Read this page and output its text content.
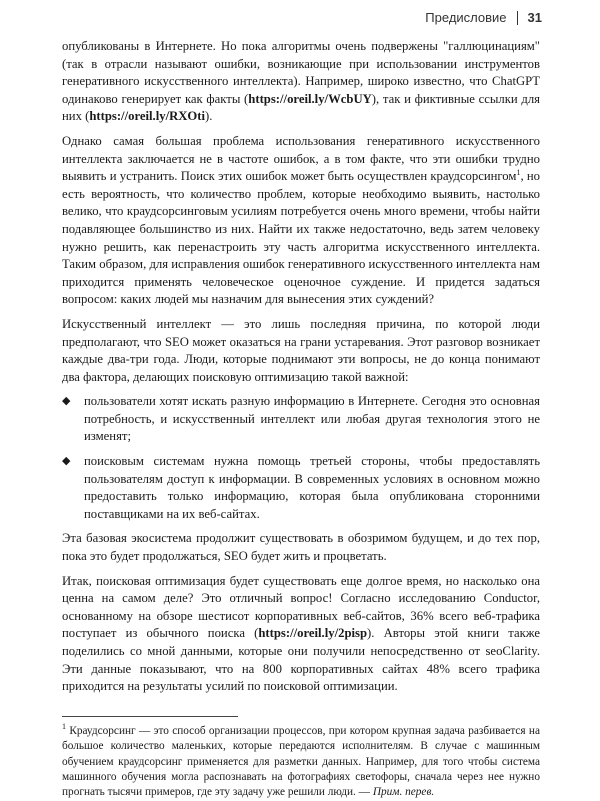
Предисловие 31

опубликованы в Интернете. Но пока алгоритмы очень подвержены "галлюцинациям" (так в отрасли называют ошибки, возникающие при использовании инструментов генеративного искусственного интеллекта). Например, широко известно, что ChatGPT одинаково генерирует как факты (https://oreil.ly/WcbUY), так и фиктивные ссылки для них (https://oreil.ly/RXOti).

Однако самая большая проблема использования генеративного искусственного интеллекта заключается не в частоте ошибок, а в том факте, что эти ошибки трудно выявить и устранить. Поиск этих ошибок может быть осуществлен краудсорсингом$^1$, но есть вероятность, что количество проблем, которые необходимо выявить, настолько велико, что краудсорсинговым усилиям потребуется очень много времени, чтобы найти подавляющее большинство из них. Найти их также недостаточно, ведь затем человеку нужно решить, как перенастроить эту часть алгоритма искусственного интеллекта. Таким образом, для исправления ошибок генеративного искусственного интеллекта нам приходится применять человеческое оценочное суждение. И придется задаться вопросом: каких людей мы назначим для вынесения этих суждений?

Искусственный интеллект — это лишь последняя причина, по которой люди предполагают, что SEO может оказаться на грани устаревания. Этот разговор возникает каждые два-три года. Люди, которые поднимают эти вопросы, не до конца понимают два фактора, делающих поисковую оптимизацию такой важной:

◆	пользователи хотят искать разную информацию в Интернете. Сегодня это основная потребность, и искусственный интеллект или любая другая технология этого не изменят;
◆	поисковым системам нужна помощь третьей стороны, чтобы предоставлять пользователям доступ к информации. В современных условиях в основном можно предоставить только информацию, которая была опубликована сторонними поставщиками на их веб-сайтах.

Эта базовая экосистема продолжит существовать в обозримом будущем, и до тех пор, пока это будет продолжаться, SEO будет жить и процветать.

Итак, поисковая оптимизация будет существовать еще долгое время, но насколько она ценна на самом деле? Это отличный вопрос! Согласно исследованию Conductor, основанному на обзоре шестисот корпоративных веб-сайтов, 36% всего веб-трафика поступает из обычного поиска (https://oreil.ly/2pisp). Авторы этой книги также поделились со мной данными, которые они получили непосредственно от seoClarity. Эти данные показывают, что на 800 корпоративных сайтах 48% всего трафика приходится на результаты усилий по поисковой оптимизации.

$^1$ Краудсорсинг — это способ организации процессов, при котором крупная задача разбивается на большое количество маленьких, которые передаются исполнителям. В случае с машинным обучением краудсорсинг применяется для разметки данных. Например, для того чтобы система машинного обучения могла распознавать на фотографиях светофоры, сначала через нее нужно прогнать тысячи примеров, где эту задачу уже решили люди. — Прим. перев.
